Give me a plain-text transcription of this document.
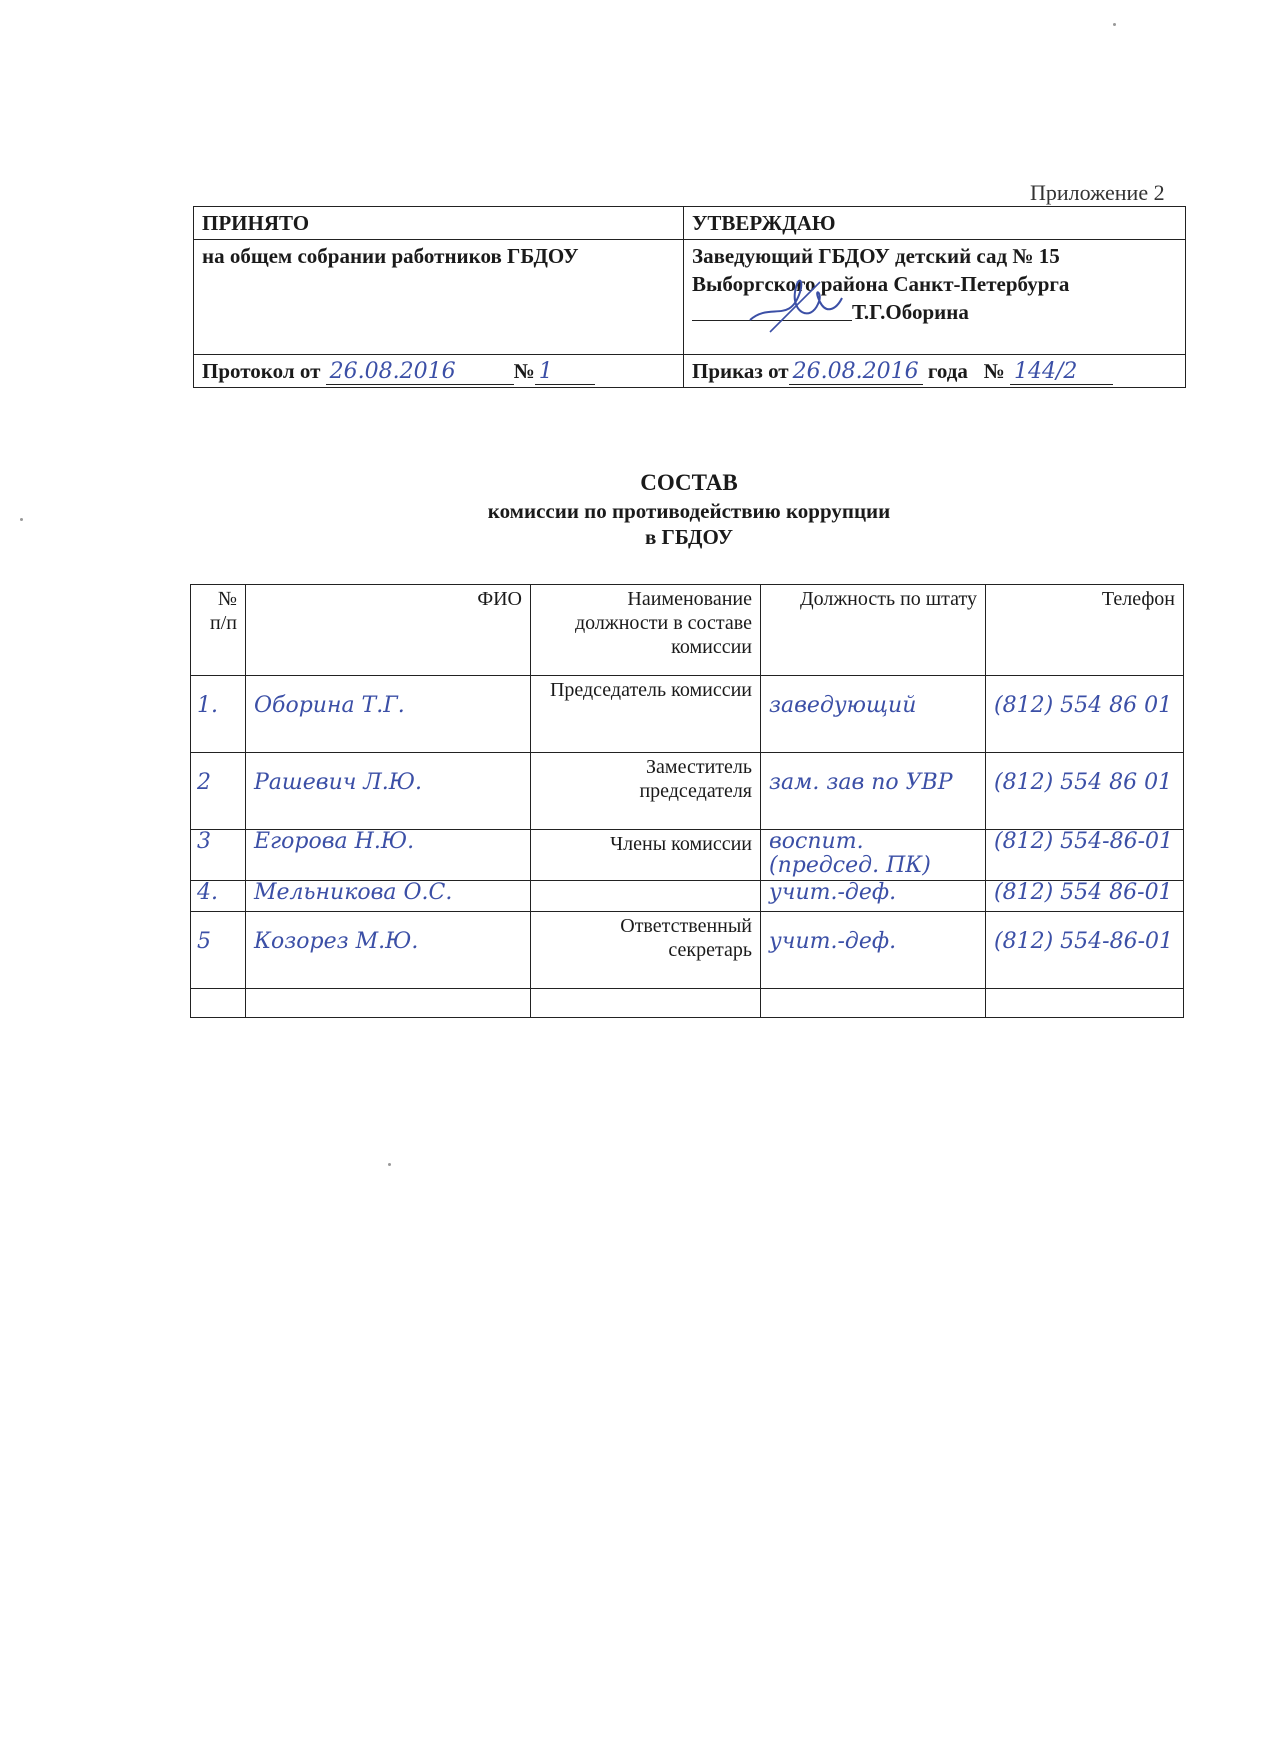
Приложение 2
ПРИНЯТО	УТВЕРЖДАЮ
на общем собрании работников ГБДОУ	Заведующий ГБДОУ детский сад № 15
Выборгского района Санкт-Петербурга
Т.Г.Оборина

Протокол от 26.08.2016 № 1	Приказ от 26.08.2016 года № 144/2
СОСТАВ
комиссии по противодействию коррупции
в ГБДОУ
№ п/п	ФИО	Наименование должности в составе комиссии	Должность по штату	Телефон
1.	Оборина Т.Г.	Председатель комиссии	заведующий	(812) 554 86 01
2	Рашевич Л.Ю.	Заместитель председателя	зам. зав по УВР	(812) 554 86 01
3	Егорова Н.Ю.	Члены комиссии	воспит. (председ. ПК)	(812) 554-86-01
4.	Мельникова О.С.		учит.-деф.	(812) 554 86-01
5	Козорез М.Ю.	Ответственный секретарь	учит.-деф.	(812) 554-86-01
